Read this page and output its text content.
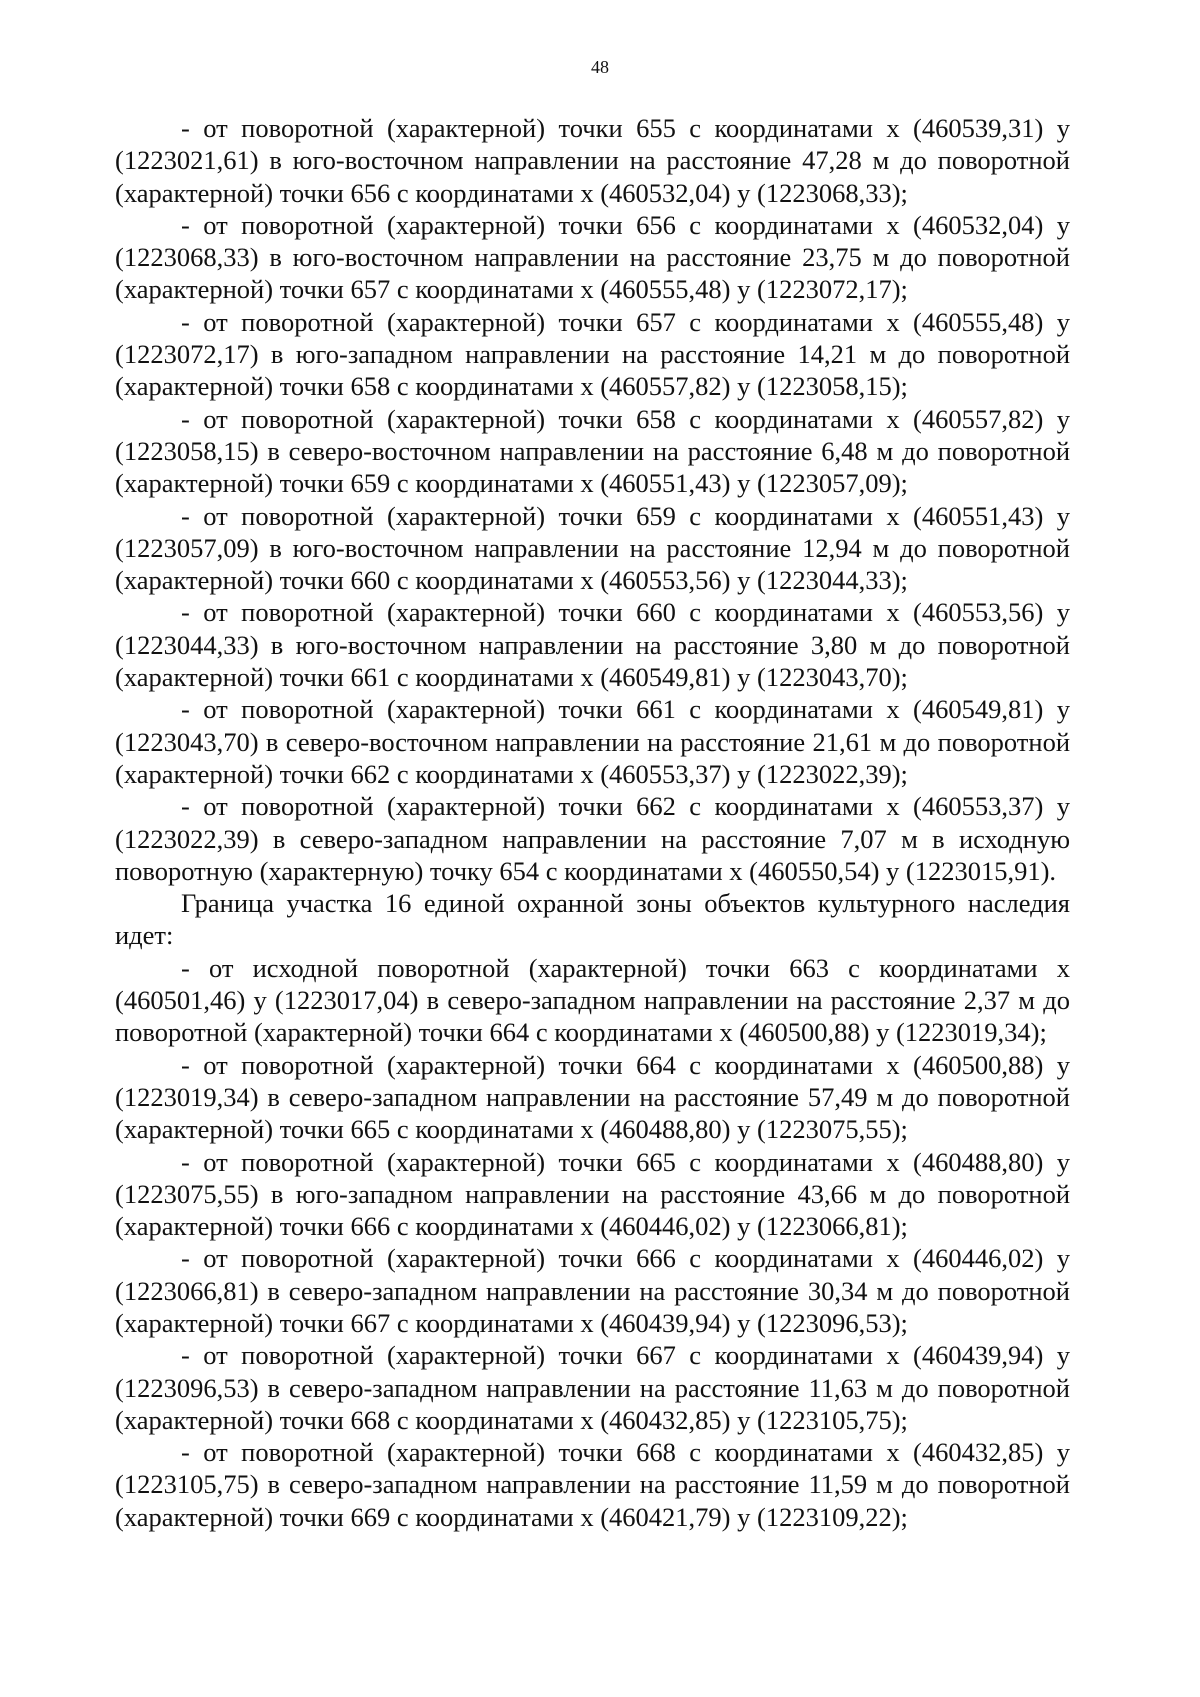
48

- от поворотной (характерной) точки 655 с координатами х (460539,31) у (1223021,61) в юго-восточном направлении на расстояние 47,28 м до поворотной (характерной) точки 656 с координатами х (460532,04) у (1223068,33);

- от поворотной (характерной) точки 656 с координатами х (460532,04) у (1223068,33) в юго-восточном направлении на расстояние 23,75 м до поворотной (характерной) точки 657 с координатами х (460555,48) у (1223072,17);

- от поворотной (характерной) точки 657 с координатами х (460555,48) у (1223072,17) в юго-западном направлении на расстояние 14,21 м до поворотной (характерной) точки 658 с координатами х (460557,82) у (1223058,15);

- от поворотной (характерной) точки 658 с координатами х (460557,82) у (1223058,15) в северо-восточном направлении на расстояние 6,48 м до поворотной (характерной) точки 659 с координатами х (460551,43) у (1223057,09);

- от поворотной (характерной) точки 659 с координатами х (460551,43) у (1223057,09) в юго-восточном направлении на расстояние 12,94 м до поворотной (характерной) точки 660 с координатами х (460553,56) у (1223044,33);

- от поворотной (характерной) точки 660 с координатами х (460553,56) у (1223044,33) в юго-восточном направлении на расстояние 3,80 м до поворотной (характерной) точки 661 с координатами х (460549,81) у (1223043,70);

- от поворотной (характерной) точки 661 с координатами х (460549,81) у (1223043,70) в северо-восточном направлении на расстояние 21,61 м до поворотной (характерной) точки 662 с координатами х (460553,37) у (1223022,39);

- от поворотной (характерной) точки 662 с координатами х (460553,37) у (1223022,39) в северо-западном направлении на расстояние 7,07 м в исходную поворотную (характерную) точку 654 с координатами х (460550,54) у (1223015,91).

Граница участка 16 единой охранной зоны объектов культурного наследия идет:

- от исходной поворотной (характерной) точки 663 с координатами х (460501,46) у (1223017,04) в северо-западном направлении на расстояние 2,37 м до поворотной (характерной) точки 664 с координатами х (460500,88) у (1223019,34);

- от поворотной (характерной) точки 664 с координатами х (460500,88) у (1223019,34) в северо-западном направлении на расстояние 57,49 м до поворотной (характерной) точки 665 с координатами х (460488,80) у (1223075,55);

- от поворотной (характерной) точки 665 с координатами х (460488,80) у (1223075,55) в юго-западном направлении на расстояние 43,66 м до поворотной (характерной) точки 666 с координатами х (460446,02) у (1223066,81);

- от поворотной (характерной) точки 666 с координатами х (460446,02) у (1223066,81) в северо-западном направлении на расстояние 30,34 м до поворотной (характерной) точки 667 с координатами х (460439,94) у (1223096,53);

- от поворотной (характерной) точки 667 с координатами х (460439,94) у (1223096,53) в северо-западном направлении на расстояние 11,63 м до поворотной (характерной) точки 668 с координатами х (460432,85) у (1223105,75);

- от поворотной (характерной) точки 668 с координатами х (460432,85) у (1223105,75) в северо-западном направлении на расстояние 11,59 м до поворотной (характерной) точки 669 с координатами х (460421,79) у (1223109,22);
